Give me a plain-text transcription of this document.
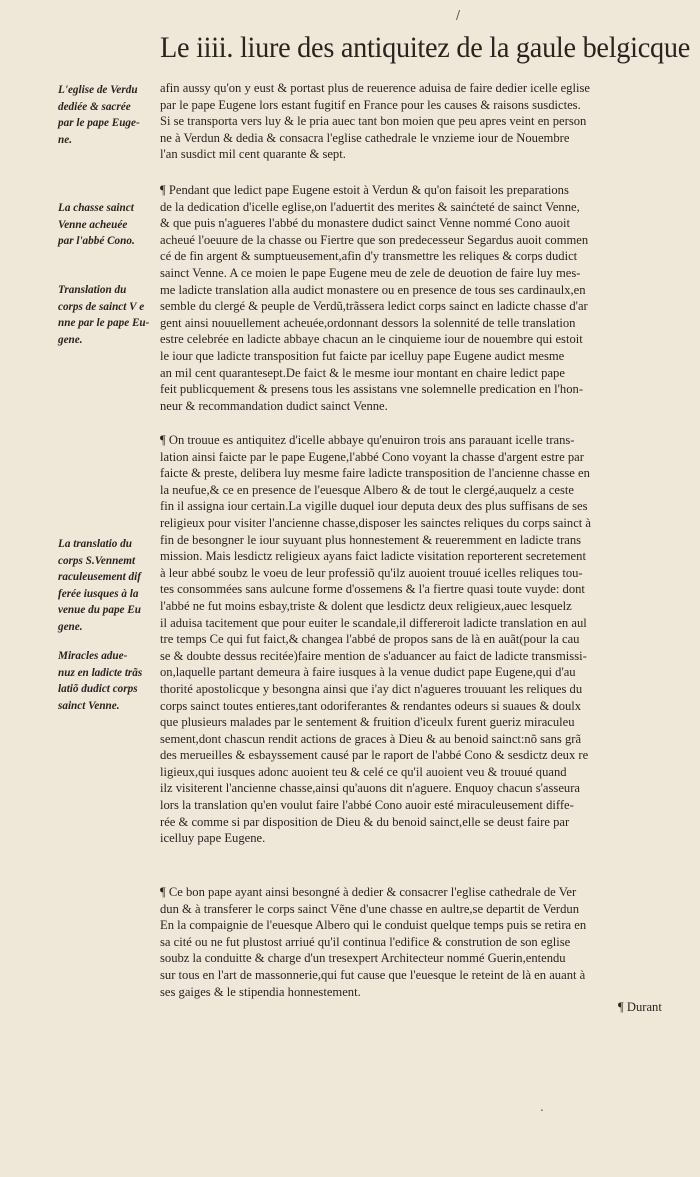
/
Le iiii. liure des antiquitez de la gaule belgicque
L'eglise de Verdu
dediée & sacrée
par le pape Euge-
ne.
La chasse sainct
Venne acheuée
par l'abbé Cono.
Translation du
corps de sainct V e
nne par le pape Eu-
gene.
La translatio du
corps S.Vennemt
raculeusement dif
ferée iusques à la
venue du pape Eu
gene.
Miracles adue-
nuz en ladicte trãs
latiõ dudict corps
sainct Venne.
afin aussy qu'on y eust & portast plus de reuerence aduisa de faire dedier icelle eglise
par le pape Eugene lors estant fugitif en France pour les causes & raisons susdictes.
Si se transporta vers luy & le pria auec tant bon moien que peu apres veint en person
ne à Verdun & dedia & consacra l'eglise cathedrale le vnzieme iour de Nouembre
l'an susdict mil cent quarante & sept.
¶ Pendant que ledict pape Eugene estoit à Verdun & qu'on faisoit les preparations
de la dedication d'icelle eglise,on l'aduertit des merites & sainćteté de sainct Venne,
& que puis n'agueres l'abbé du monastere dudict sainct Venne nommé Cono auoit
acheué l'oeuure de la chasse ou Fiertre que son predecesseur Segardus auoit commen
cé de fin argent & sumptueusement,afin d'y transmettre les reliques & corps dudict
sainct Venne. A ce moien le pape Eugene meu de zele de deuotion de faire luy mes-
me ladicte translation alla audict monastere ou en presence de tous ses cardinaulx,en
semble du clergé & peuple de Verdũ,trãssera ledict corps sainct en ladicte chasse d'ar
gent ainsi nouuellement acheuée,ordonnant dessors la solennité de telle translation
estre celebrée en ladicte abbaye chacun an le cinquieme iour de nouembre qui estoit
le iour que ladicte transposition fut faicte par icelluy pape Eugene audict mesme
an mil cent quarantesept.De faict & le mesme iour montant en chaire ledict pape
feit publicquement & presens tous les assistans vne solemnelle predication en l'hon-
neur & recommandation dudict sainct Venne.
¶ On trouue es antiquitez d'icelle abbaye qu'enuiron trois ans parauant icelle trans-
lation ainsi faicte par le pape Eugene,l'abbé Cono voyant la chasse d'argent estre par
faicte & preste, delibera luy mesme faire ladicte transposition de l'ancienne chasse en
la neufue,& ce en presence de l'euesque Albero & de tout le clergé,auquelz a ceste
fin il assigna iour certain.La vigille duquel iour deputa deux des plus suffisans de ses
religieux pour visiter l'ancienne chasse,disposer les sainctes reliques du corps sainct à
fin de besongner le iour suyuant plus honnestement & reueremment en ladicte trans
mission. Mais lesdictz religieux ayans faict ladicte visitation reporterent secretement
à leur abbé soubz le voeu de leur professiõ qu'ilz auoient trouué icelles reliques tou-
tes consommées sans aulcune forme d'ossemens & l'a fiertre quasi toute vuyde: dont
l'abbé ne fut moins esbay,triste & dolent que lesdictz deux religieux,auec lesquelz
il aduisa tacitement que pour euiter le scandale,il differeroit ladicte translation en aul
tre temps Ce qui fut faict,& changea l'abbé de propos sans de là en auãt(pour la cau
se & doubte dessus recitée)faire mention de s'aduancer au faict de ladicte transmissi-
on,laquelle partant demeura à faire iusques à la venue dudict pape Eugene,qui d'au
thorité apostolicque y besongna ainsi que i'ay dict n'agueres trouuant les reliques du
corps sainct toutes entieres,tant odoriferantes & rendantes odeurs si suaues & doulx
que plusieurs malades par le sentement & fruition d'iceulx furent gueriz miraculeu
sement,dont chascun rendit actions de graces à Dieu & au benoid sainct:nõ sans grã
des merueilles & esbayssement causé par le raport de l'abbé Cono & sesdictz deux re
ligieux,qui iusques adonc auoient teu & celé ce qu'il auoient veu & trouué quand
ilz visiterent l'ancienne chasse,ainsi qu'auons dit n'aguere. Enquoy chacun s'asseura
lors la translation qu'en voulut faire l'abbé Cono auoir esté miraculeusement diffe-
rée & comme si par disposition de Dieu & du benoid sainct,elle se deust faire par
icelluy pape Eugene.
¶ Ce bon pape ayant ainsi besongné à dedier & consacrer l'eglise cathedrale de Ver
dun & à transferer le corps sainct Vẽne d'une chasse en aultre,se departit de Verdun
En la compaignie de l'euesque Albero qui le conduist quelque temps puis se retira en
sa cité ou ne fut plustost arriué qu'il continua l'edifice & constrution de son eglise
soubz la conduitte & charge d'un tresexpert Architecteur nommé Guerin,entendu
sur tous en l'art de massonnerie,qui fut cause que l'euesque le reteint de là en auant à
ses gaiges & le stipendia honnestement.
¶ Durant
.
